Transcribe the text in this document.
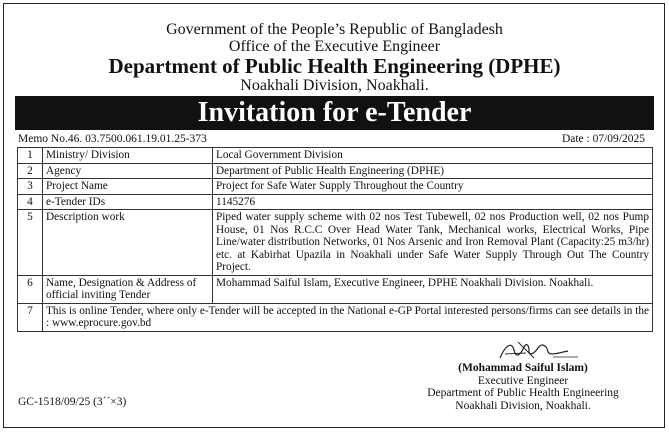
Government of the People’s Republic of Bangladesh
Office of the Executive Engineer
Department of Public Health Engineering (DPHE)
Noakhali Division, Noakhali.
Invitation for e-Tender
Memo No.46. 03.7500.061.19.01.25-373	Date : 07/09/2025
1	Ministry/ Division	Local Government Division
2	Agency	Department of Public Health Engineering (DPHE)
3	Project Name	Project for Safe Water Supply Throughout the Country
4	e-Tender IDs	1145276
5	Description work	Piped water supply scheme with 02 nos Test Tubewell, 02 nos Production well, 02 nos Pump House, 01 Nos R.C.C Over Head Water Tank, Mechanical works, Electrical Works, Pipe Line/water distribution Networks, 01 Nos Arsenic and Iron Removal Plant (Capacity:25 m3/hr) etc. at Kabirhat Upazila in Noakhali under Safe Water Supply Through Out The Country Project.
6	Name, Designation & Address of official inviting Tender	Mohammad Saiful Islam, Executive Engineer, DPHE Noakhali Division. Noakhali.
7	This is online Tender, where only e-Tender will be accepted in the National e-GP Portal interested persons/firms can see details in the : www.eprocure.gov.bd	
(Mohammad Saiful Islam)
Executive Engineer
Department of Public Health Engineering
Noakhali Division, Noakhali.
GC-1518/09/25 (3´´×3)
